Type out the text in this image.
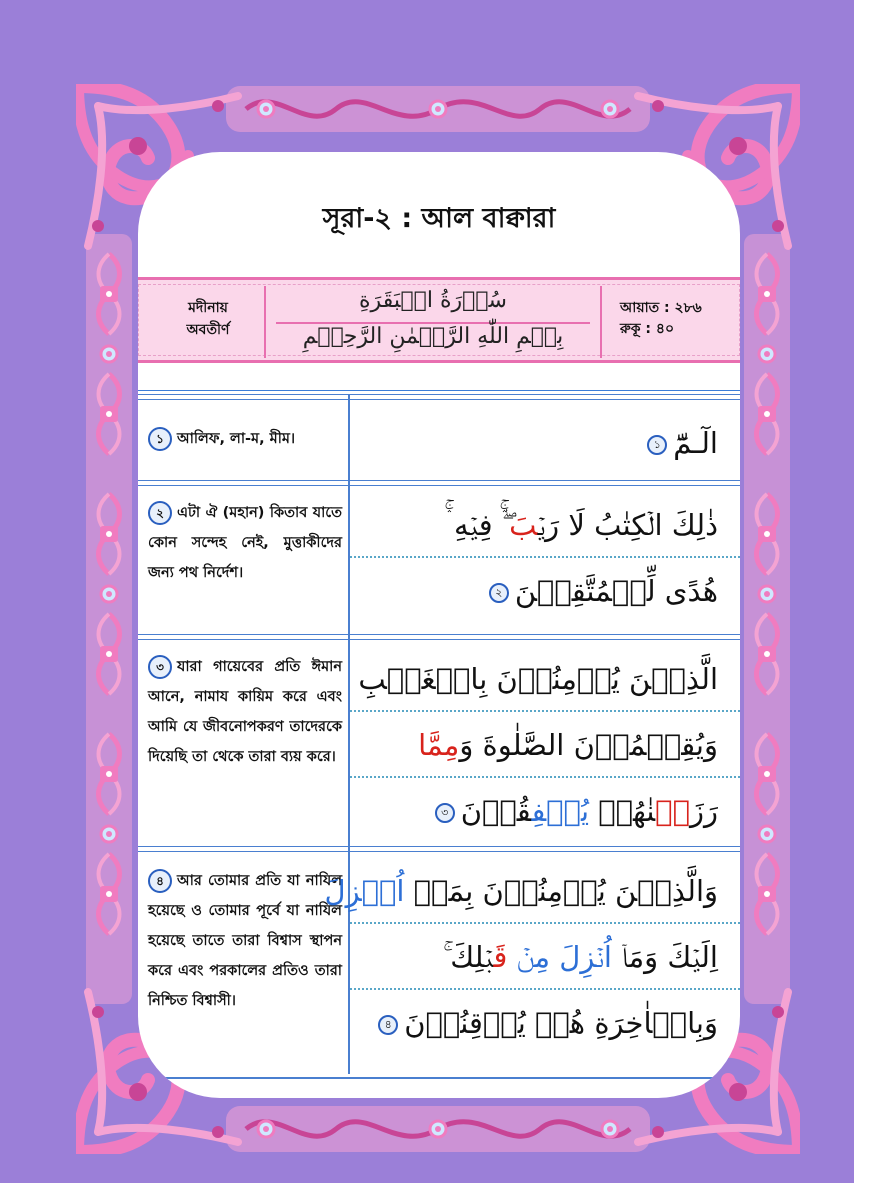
সূরা-২ : আল বাক্বারা
মদীনায়
অবতীর্ণ
سُوۡرَةُ الۡبَقَرَةِ
بِسۡمِ اللّٰهِ الرَّحۡمٰنِ الرَّحِیۡمِ
আয়াত : ২৮৬
রুকূ : ৪০
১ আলিফ, লা-ম, মীম।	الٓـمّٓ১
২ এটা ঐ (মহান) কিতাব যাতে কোন সন্দেহ নেই, মুত্তাকীদের জন্য পথ নির্দেশ।
ذٰلِكَ الۡكِتٰبُ لَا رَیۡبَ ۛۚۖ فِیۡهِ ۛۚ
هُدًی لِّلۡمُتَّقِیۡنَ২
৩ যারা গায়েবের প্রতি ঈমান আনে, নামায কায়িম করে এবং আমি যে জীবনোপকরণ তাদেরকে দিয়েছি তা থেকে তারা ব্যয় করে।
الَّذِیۡنَ یُؤۡمِنُوۡنَ بِالۡغَیۡبِ
وَیُقِیۡمُوۡنَ الصَّلٰوةَ وَمِمَّا
رَزَقۡنٰهُمۡ یُنۡفِقُوۡنَ৩
৪ আর তোমার প্রতি যা নাযিল হয়েছে ও তোমার পূর্বে যা নাযিল হয়েছে তাতে তারা বিশ্বাস স্থাপন করে এবং পরকালের প্রতিও তারা নিশ্চিত বিশ্বাসী।
وَالَّذِیۡنَ یُؤۡمِنُوۡنَ بِمَاۤ اُنۡزِلَ
اِلَیۡكَ وَمَاۤ اُنۡزِلَ مِنۡ قَبۡلِكَ ۚ
وَبِالۡاٰخِرَةِ هُمۡ یُوۡقِنُوۡنَ৪
